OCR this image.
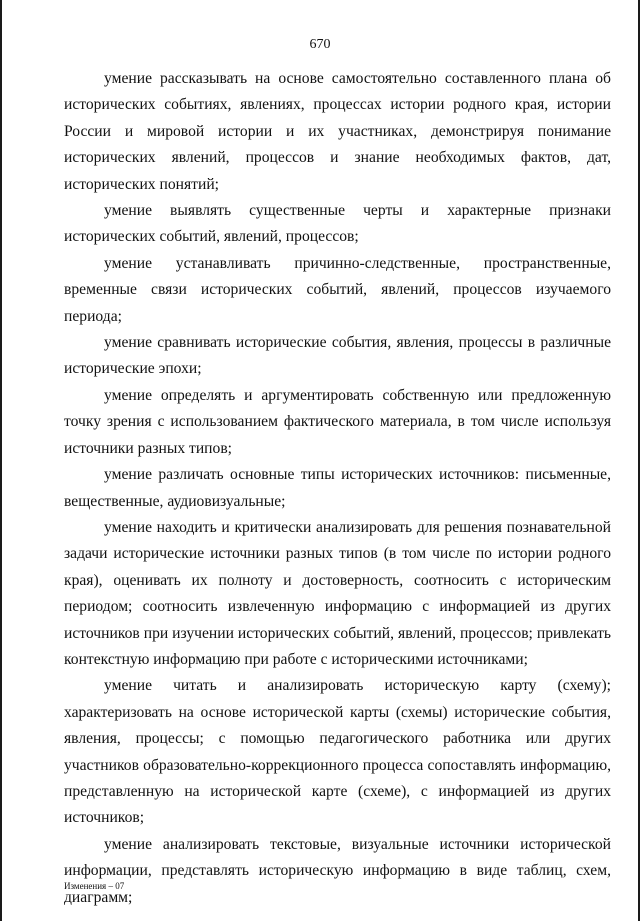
670

умение рассказывать на основе самостоятельно составленного плана об исторических событиях, явлениях, процессах истории родного края, истории России и мировой истории и их участниках, демонстрируя понимание исторических явлений, процессов и знание необходимых фактов, дат, исторических понятий;

умение выявлять существенные черты и характерные признаки исторических событий, явлений, процессов;

умение устанавливать причинно-следственные, пространственные, временные связи исторических событий, явлений, процессов изучаемого периода;

умение сравнивать исторические события, явления, процессы в различные исторические эпохи;

умение определять и аргументировать собственную или предложенную точку зрения с использованием фактического материала, в том числе используя источники разных типов;

умение различать основные типы исторических источников: письменные, вещественные, аудиовизуальные;

умение находить и критически анализировать для решения познавательной задачи исторические источники разных типов (в том числе по истории родного края), оценивать их полноту и достоверность, соотносить с историческим периодом; соотносить извлеченную информацию с информацией из других источников при изучении исторических событий, явлений, процессов; привлекать контекстную информацию при работе с историческими источниками;

умение читать и анализировать историческую карту (схему); характеризовать на основе исторической карты (схемы) исторические события, явления, процессы; с помощью педагогического работника или других участников образовательно-коррекционного процесса сопоставлять информацию, представленную на исторической карте (схеме), с информацией из других источников;

умение анализировать текстовые, визуальные источники исторической информации, представлять историческую информацию в виде таблиц, схем, диаграмм;

Изменения – 07
